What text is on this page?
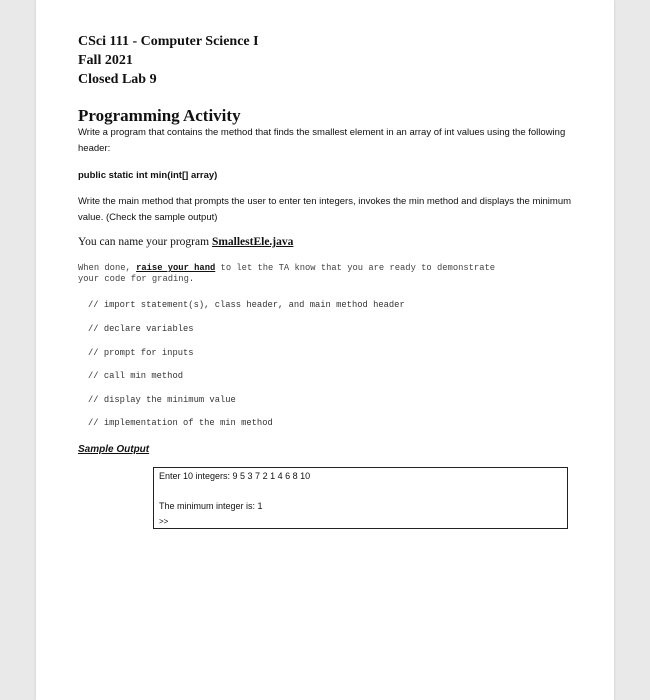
CSci 111 - Computer Science I
Fall 2021
Closed Lab 9
Programming Activity
Write a program that contains the method that finds the smallest element in an array of int values using the following header:
public static int min(int[] array)
Write the main method that prompts the user to enter ten integers, invokes the min method and displays the minimum value. (Check the sample output)
You can name your program SmallestEle.java
When done, raise your hand to let the TA know that you are ready to demonstrate your code for grading.
// import statement(s), class header, and main method header
// declare variables
// prompt for inputs
// call min method
// display the minimum value
// implementation of the min method
Sample Output
Enter 10 integers: 9 5 3 7 2 1 4 6 8 10
The minimum integer is: 1
>>
